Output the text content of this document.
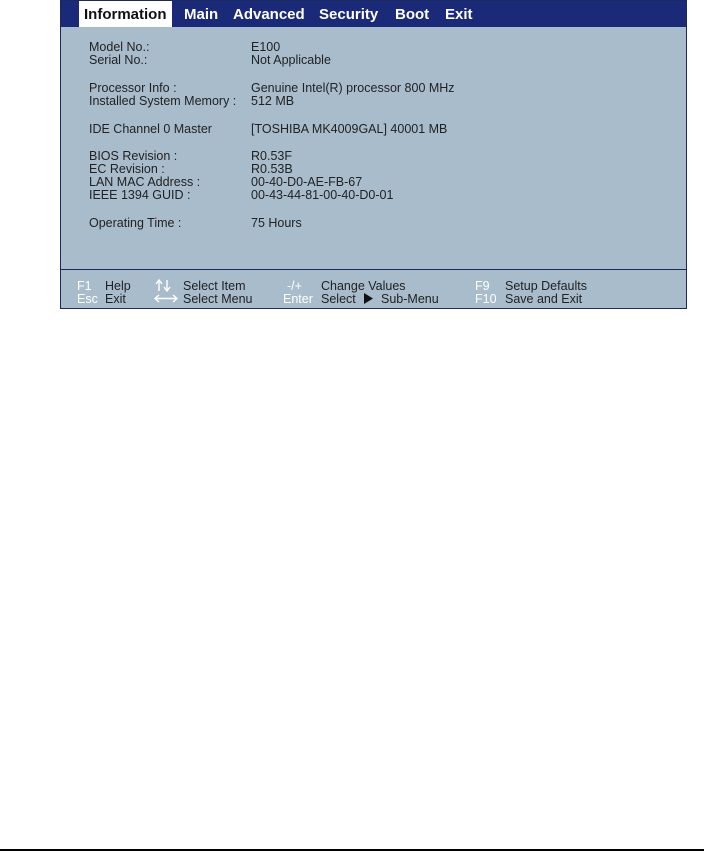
Information	Main Advanced Security Boot Exit
Model No.:	E100
Serial No.:	Not Applicable
Processor Info :	Genuine Intel(R) processor 800 MHz
Installed System Memory : 512 MB
IDE Channel 0 Master	[TOSHIBA MK4009GAL] 40001 MB
BIOS Revision :	R0.53F
EC Revision :	R0.53B
LAN MAC Address :	00-40-D0-AE-FB-67
IEEE 1394 GUID :	00-43-44-81-00-40-D0-01
Operating Time :	75 Hours
F1 Help
Esc Exit
Select Item
Select Menu
-/+ Change Values
Enter Select Sub-Menu
F9 Setup Defaults
F10 Save and Exit
